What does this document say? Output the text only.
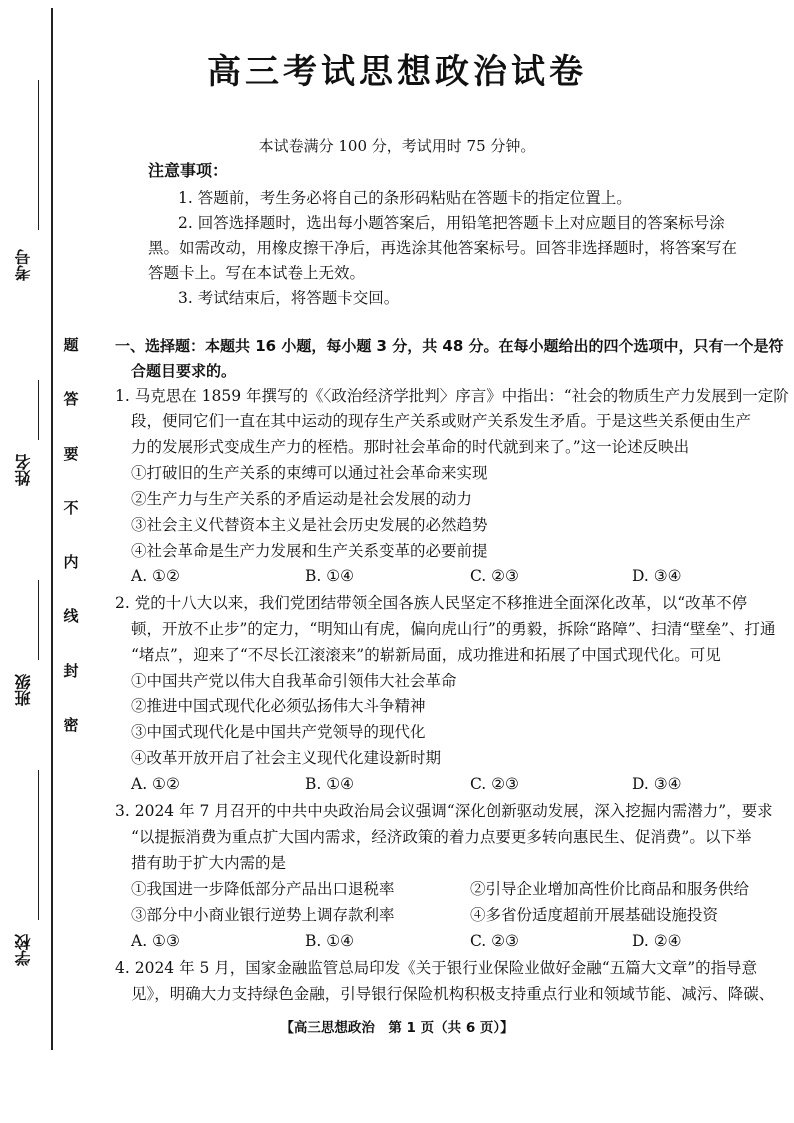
考号
姓名
班级
学校
题
答
要
不
内
线
封
密
高三考试思想政治试卷
本试卷满分 100 分，考试用时 75 分钟。
注意事项：
1. 答题前，考生务必将自己的条形码粘贴在答题卡的指定位置上。
2. 回答选择题时，选出每小题答案后，用铅笔把答题卡上对应题目的答案标号涂
黑。如需改动，用橡皮擦干净后，再选涂其他答案标号。回答非选择题时，将答案写在
答题卡上。写在本试卷上无效。
3. 考试结束后，将答题卡交回。
一、选择题：本题共 16 小题，每小题 3 分，共 48 分。在每小题给出的四个选项中，只有一个是符
合题目要求的。
1. 马克思在 1859 年撰写的《〈政治经济学批判〉序言》中指出：“社会的物质生产力发展到一定阶
段，便同它们一直在其中运动的现存生产关系或财产关系发生矛盾。于是这些关系便由生产
力的发展形式变成生产力的桎梏。那时社会革命的时代就到来了。”这一论述反映出
①打破旧的生产关系的束缚可以通过社会革命来实现
②生产力与生产关系的矛盾运动是社会发展的动力
③社会主义代替资本主义是社会历史发展的必然趋势
④社会革命是生产力发展和生产关系变革的必要前提
A. ①②	B. ①④	C. ②③	D. ③④
2. 党的十八大以来，我们党团结带领全国各族人民坚定不移推进全面深化改革，以“改革不停
顿，开放不止步”的定力，“明知山有虎，偏向虎山行”的勇毅，拆除“路障”、扫清“壁垒”、打通
“堵点”，迎来了“不尽长江滚滚来”的崭新局面，成功推进和拓展了中国式现代化。可见
①中国共产党以伟大自我革命引领伟大社会革命
②推进中国式现代化必须弘扬伟大斗争精神
③中国式现代化是中国共产党领导的现代化
④改革开放开启了社会主义现代化建设新时期
A. ①②	B. ①④	C. ②③	D. ③④
3. 2024 年 7 月召开的中共中央政治局会议强调“深化创新驱动发展，深入挖掘内需潜力”，要求
“以提振消费为重点扩大国内需求，经济政策的着力点要更多转向惠民生、促消费”。以下举
措有助于扩大内需的是
①我国进一步降低部分产品出口退税率	②引导企业增加高性价比商品和服务供给
③部分中小商业银行逆势上调存款利率	④多省份适度超前开展基础设施投资
A. ①③	B. ①④	C. ②③	D. ②④
4. 2024 年 5 月，国家金融监管总局印发《关于银行业保险业做好金融“五篇大文章”的指导意
见》，明确大力支持绿色金融，引导银行保险机构积极支持重点行业和领域节能、减污、降碳、
【高三思想政治　第 1 页（共 6 页）】
